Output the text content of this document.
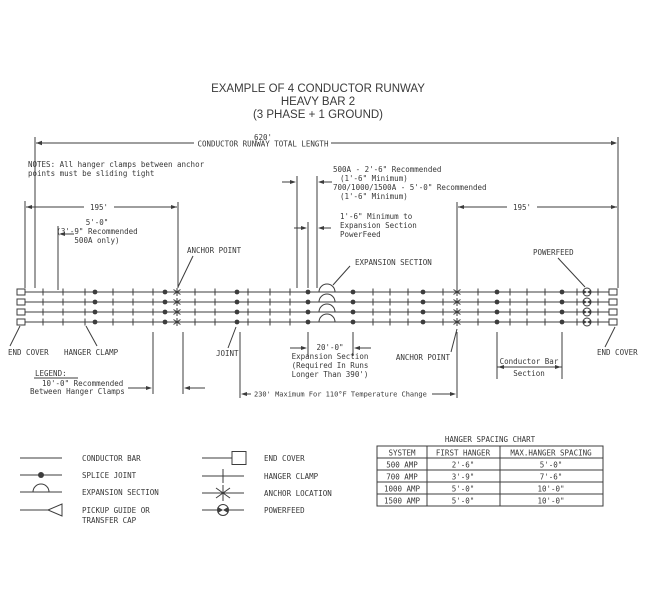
EXAMPLE OF 4 CONDUCTOR RUNWAY
HEAVY BAR 2
(3 PHASE + 1 GROUND)
620'
CONDUCTOR RUNWAY TOTAL LENGTH
NOTES: All hanger clamps between anchor
points must be sliding tight
195'
5'-0"
(3'-9" Recommended
500A only)
195'
500A - 2'-6" Recommended
(1'-6" Minimum)
700/1000/1500A - 5'-0" Recommended
(1'-6" Minimum)
1'-6" Minimum to
Expansion Section
PowerFeed
EXPANSION SECTION
ANCHOR POINT	POWERFEED
END COVER HANGER CLAMP	JOINT	END COVER
ANCHOR POINT
LEGEND:
10'-0" Recommended
Between Hanger Clamps
20'-0"
Expansion Section
(Required In Runs
Longer Than 390')
230' Maximum For 110°F Temperature Change
Conductor Bar
Section
CONDUCTOR BAR
SPLICE JOINT
EXPANSION SECTION
PICKUP GUIDE OR
TRANSFER CAP
END COVER
HANGER CLAMP
ANCHOR LOCATION
POWERFEED
HANGER SPACING CHART
SYSTEM	FIRST HANGER	MAX.HANGER SPACING
500 AMP	2'-6"	5'-0"
700 AMP	3'-9"	7'-6"
1000 AMP	5'-0"	10'-0"
1500 AMP	5'-0"	10'-0"
